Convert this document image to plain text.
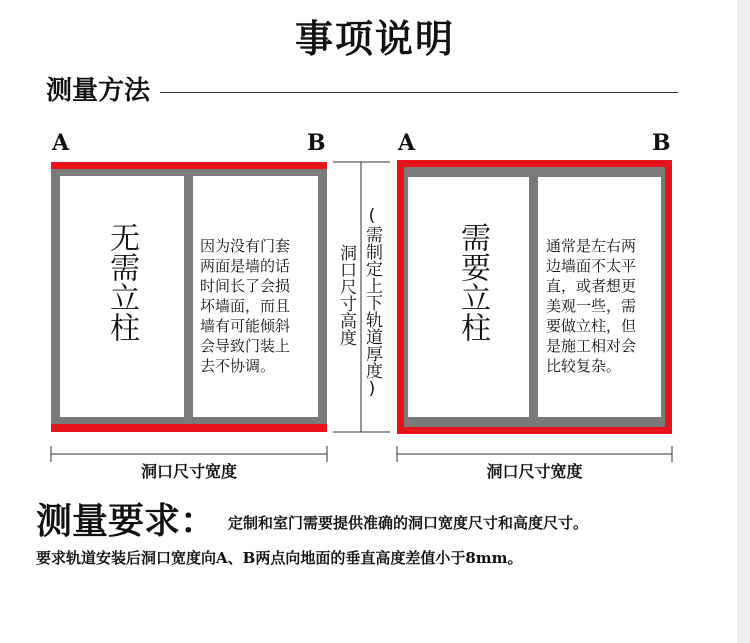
事项说明
测量方法
A	B	A	B
无需立柱	因为没有门套
两面是墙的话
时间长了会损
坏墙面，而且
墙有可能倾斜
会导致门装上
去不协调。
洞口尺寸高度 (需制定上下轨道厚度) 需要立柱	通常是左右两
边墙面不太平
直，或者想更
美观一些，需
要做立柱，但
是施工相对会
比较复杂。
洞口尺寸宽度	洞口尺寸宽度
测量要求： 定制和室门需要提供准确的洞口宽度尺寸和高度尺寸。
要求轨道安装后洞口宽度向A、B两点向地面的垂直高度差值小于8mm。
